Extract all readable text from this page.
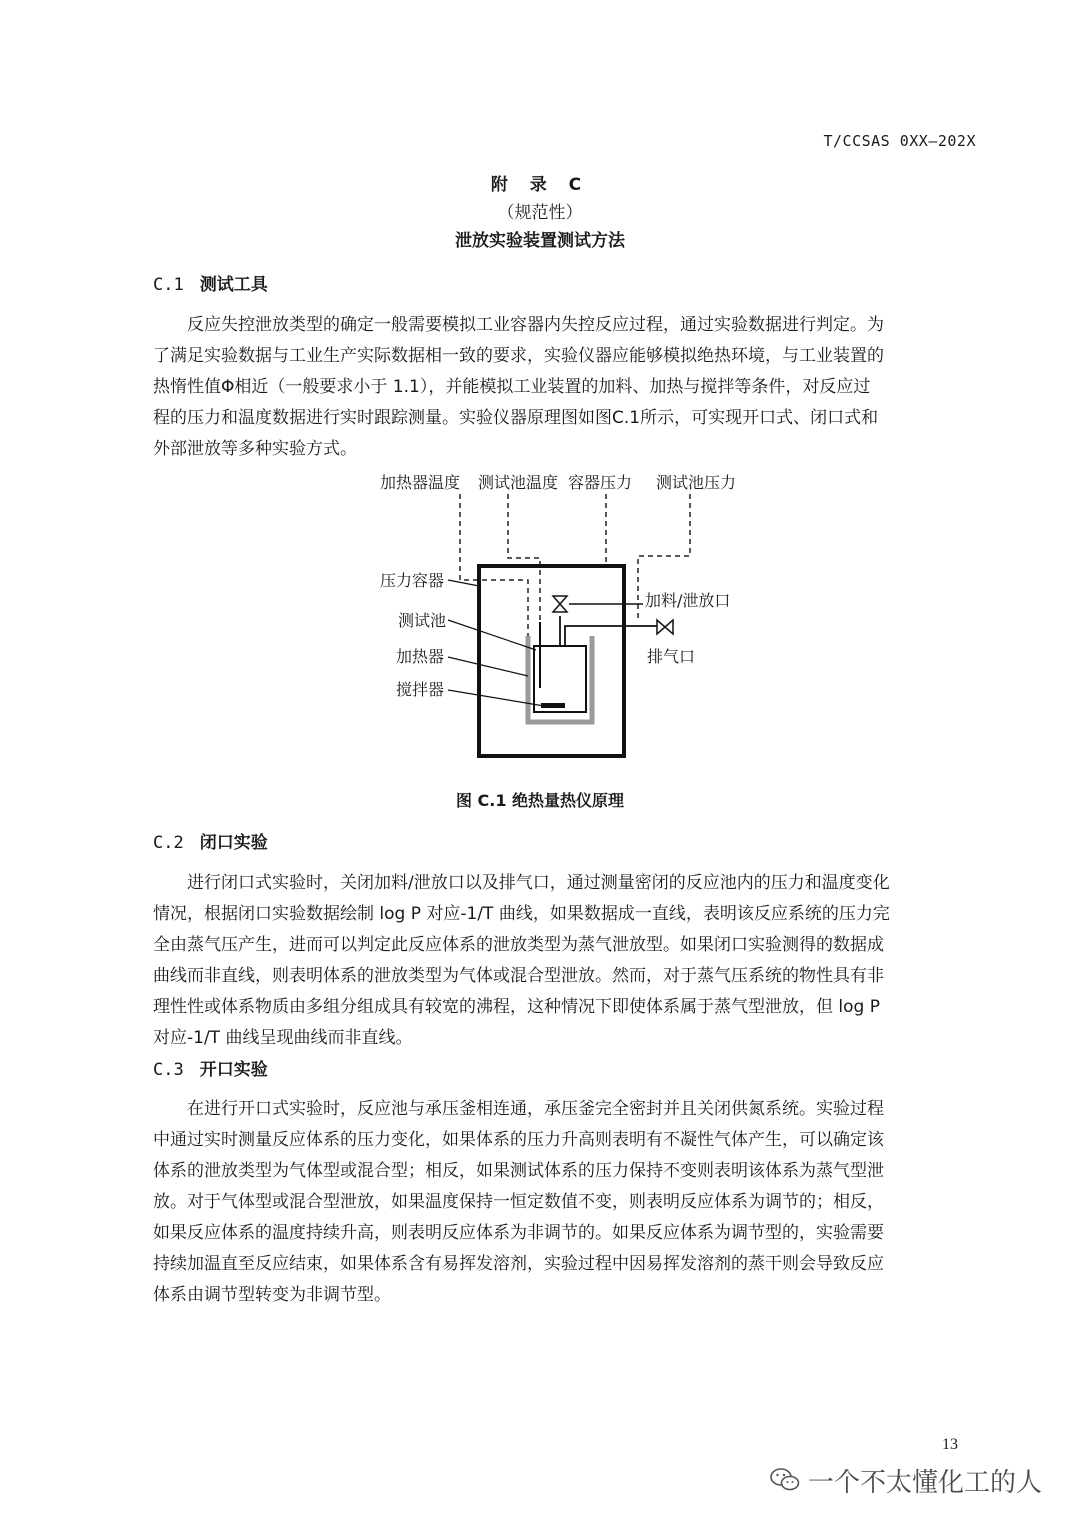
T/CCSAS 0XX—202X
附 录 C
（规范性）
泄放实验装置测试方法
C.1 测试工具
反应失控泄放类型的确定一般需要模拟工业容器内失控反应过程，通过实验数据进行判定。为
了满足实验数据与工业生产实际数据相一致的要求，实验仪器应能够模拟绝热环境，与工业装置的
热惰性值Φ相近（一般要求小于 1.1），并能模拟工业装置的加料、加热与搅拌等条件，对反应过
程的压力和温度数据进行实时跟踪测量。实验仪器原理图如图C.1所示，可实现开口式、闭口式和
外部泄放等多种实验方式。
加热器温度 测试池温度 容器压力 测试池压力
压力容器
测试池
加热器
搅拌器
加料/泄放口
排气口
图 C.1 绝热量热仪原理
C.2 闭口实验
进行闭口式实验时，关闭加料/泄放口以及排气口，通过测量密闭的反应池内的压力和温度变化
情况，根据闭口实验数据绘制 log P 对应-1/T 曲线，如果数据成一直线，表明该反应系统的压力完
全由蒸气压产生，进而可以判定此反应体系的泄放类型为蒸气泄放型。如果闭口实验测得的数据成
曲线而非直线，则表明体系的泄放类型为气体或混合型泄放。然而，对于蒸气压系统的物性具有非
理性性或体系物质由多组分组成具有较宽的沸程，这种情况下即使体系属于蒸气型泄放，但 log P
对应-1/T 曲线呈现曲线而非直线。
C.3 开口实验
在进行开口式实验时，反应池与承压釜相连通，承压釜完全密封并且关闭供氮系统。实验过程
中通过实时测量反应体系的压力变化，如果体系的压力升高则表明有不凝性气体产生，可以确定该
体系的泄放类型为气体型或混合型；相反，如果测试体系的压力保持不变则表明该体系为蒸气型泄
放。对于气体型或混合型泄放，如果温度保持一恒定数值不变，则表明反应体系为调节的；相反，
如果反应体系的温度持续升高，则表明反应体系为非调节的。如果反应体系为调节型的，实验需要
持续加温直至反应结束，如果体系含有易挥发溶剂，实验过程中因易挥发溶剂的蒸干则会导致反应
体系由调节型转变为非调节型。
13
一个不太懂化工的人
